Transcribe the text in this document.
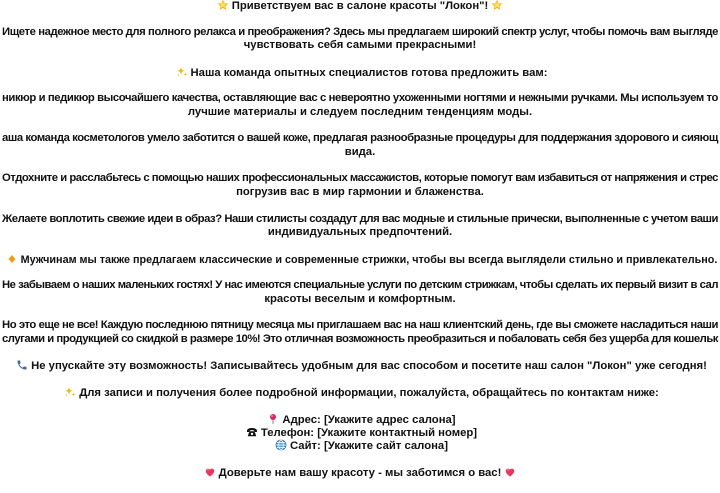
Приветствуем вас в салоне красоты "Локон"!
Ищете надежное место для полного релакса и преображения? Здесь мы предлагаем широкий спектр услуг, чтобы помочь вам выгляде
чувствовать себя самыми прекрасными!
Наша команда опытных специалистов готова предложить вам:
никюр и педикюр высочайшего качества, оставляющие вас с невероятно ухоженными ногтями и нежными ручками. Мы используем то
лучшие материалы и следуем последним тенденциям моды.
аша команда косметологов умело заботится о вашей коже, предлагая разнообразные процедуры для поддержания здорового и сияющ
вида.
Отдохните и расслабьтесь с помощью наших профессиональных массажистов, которые помогут вам избавиться от напряжения и стрес
погрузив вас в мир гармонии и блаженства.
Желаете воплотить свежие идеи в образ? Наши стилисты создадут для вас модные и стильные прически, выполненные с учетом ваши
индивидуальных предпочтений.
Мужчинам мы также предлагаем классические и современные стрижки, чтобы вы всегда выглядели стильно и привлекательно.
Не забываем о наших маленьких гостях! У нас имеются специальные услуги по детским стрижкам, чтобы сделать их первый визит в сал
красоты веселым и комфортным.
Но это еще не все! Каждую последнюю пятницу месяца мы приглашаем вас на наш клиентский день, где вы сможете насладиться наши
слугами и продукцией со скидкой в размере 10%! Это отличная возможность преобразиться и побаловать себя без ущерба для кошельк
Не упускайте эту возможность! Записывайтесь удобным для вас способом и посетите наш салон "Локон" уже сегодня!
Для записи и получения более подробной информации, пожалуйста, обращайтесь по контактам ниже:
Адрес: [Укажите адрес салона]
Телефон: [Укажите контактный номер]
Сайт: [Укажите сайт салона]
Доверьте нам вашу красоту - мы заботимся о вас!
